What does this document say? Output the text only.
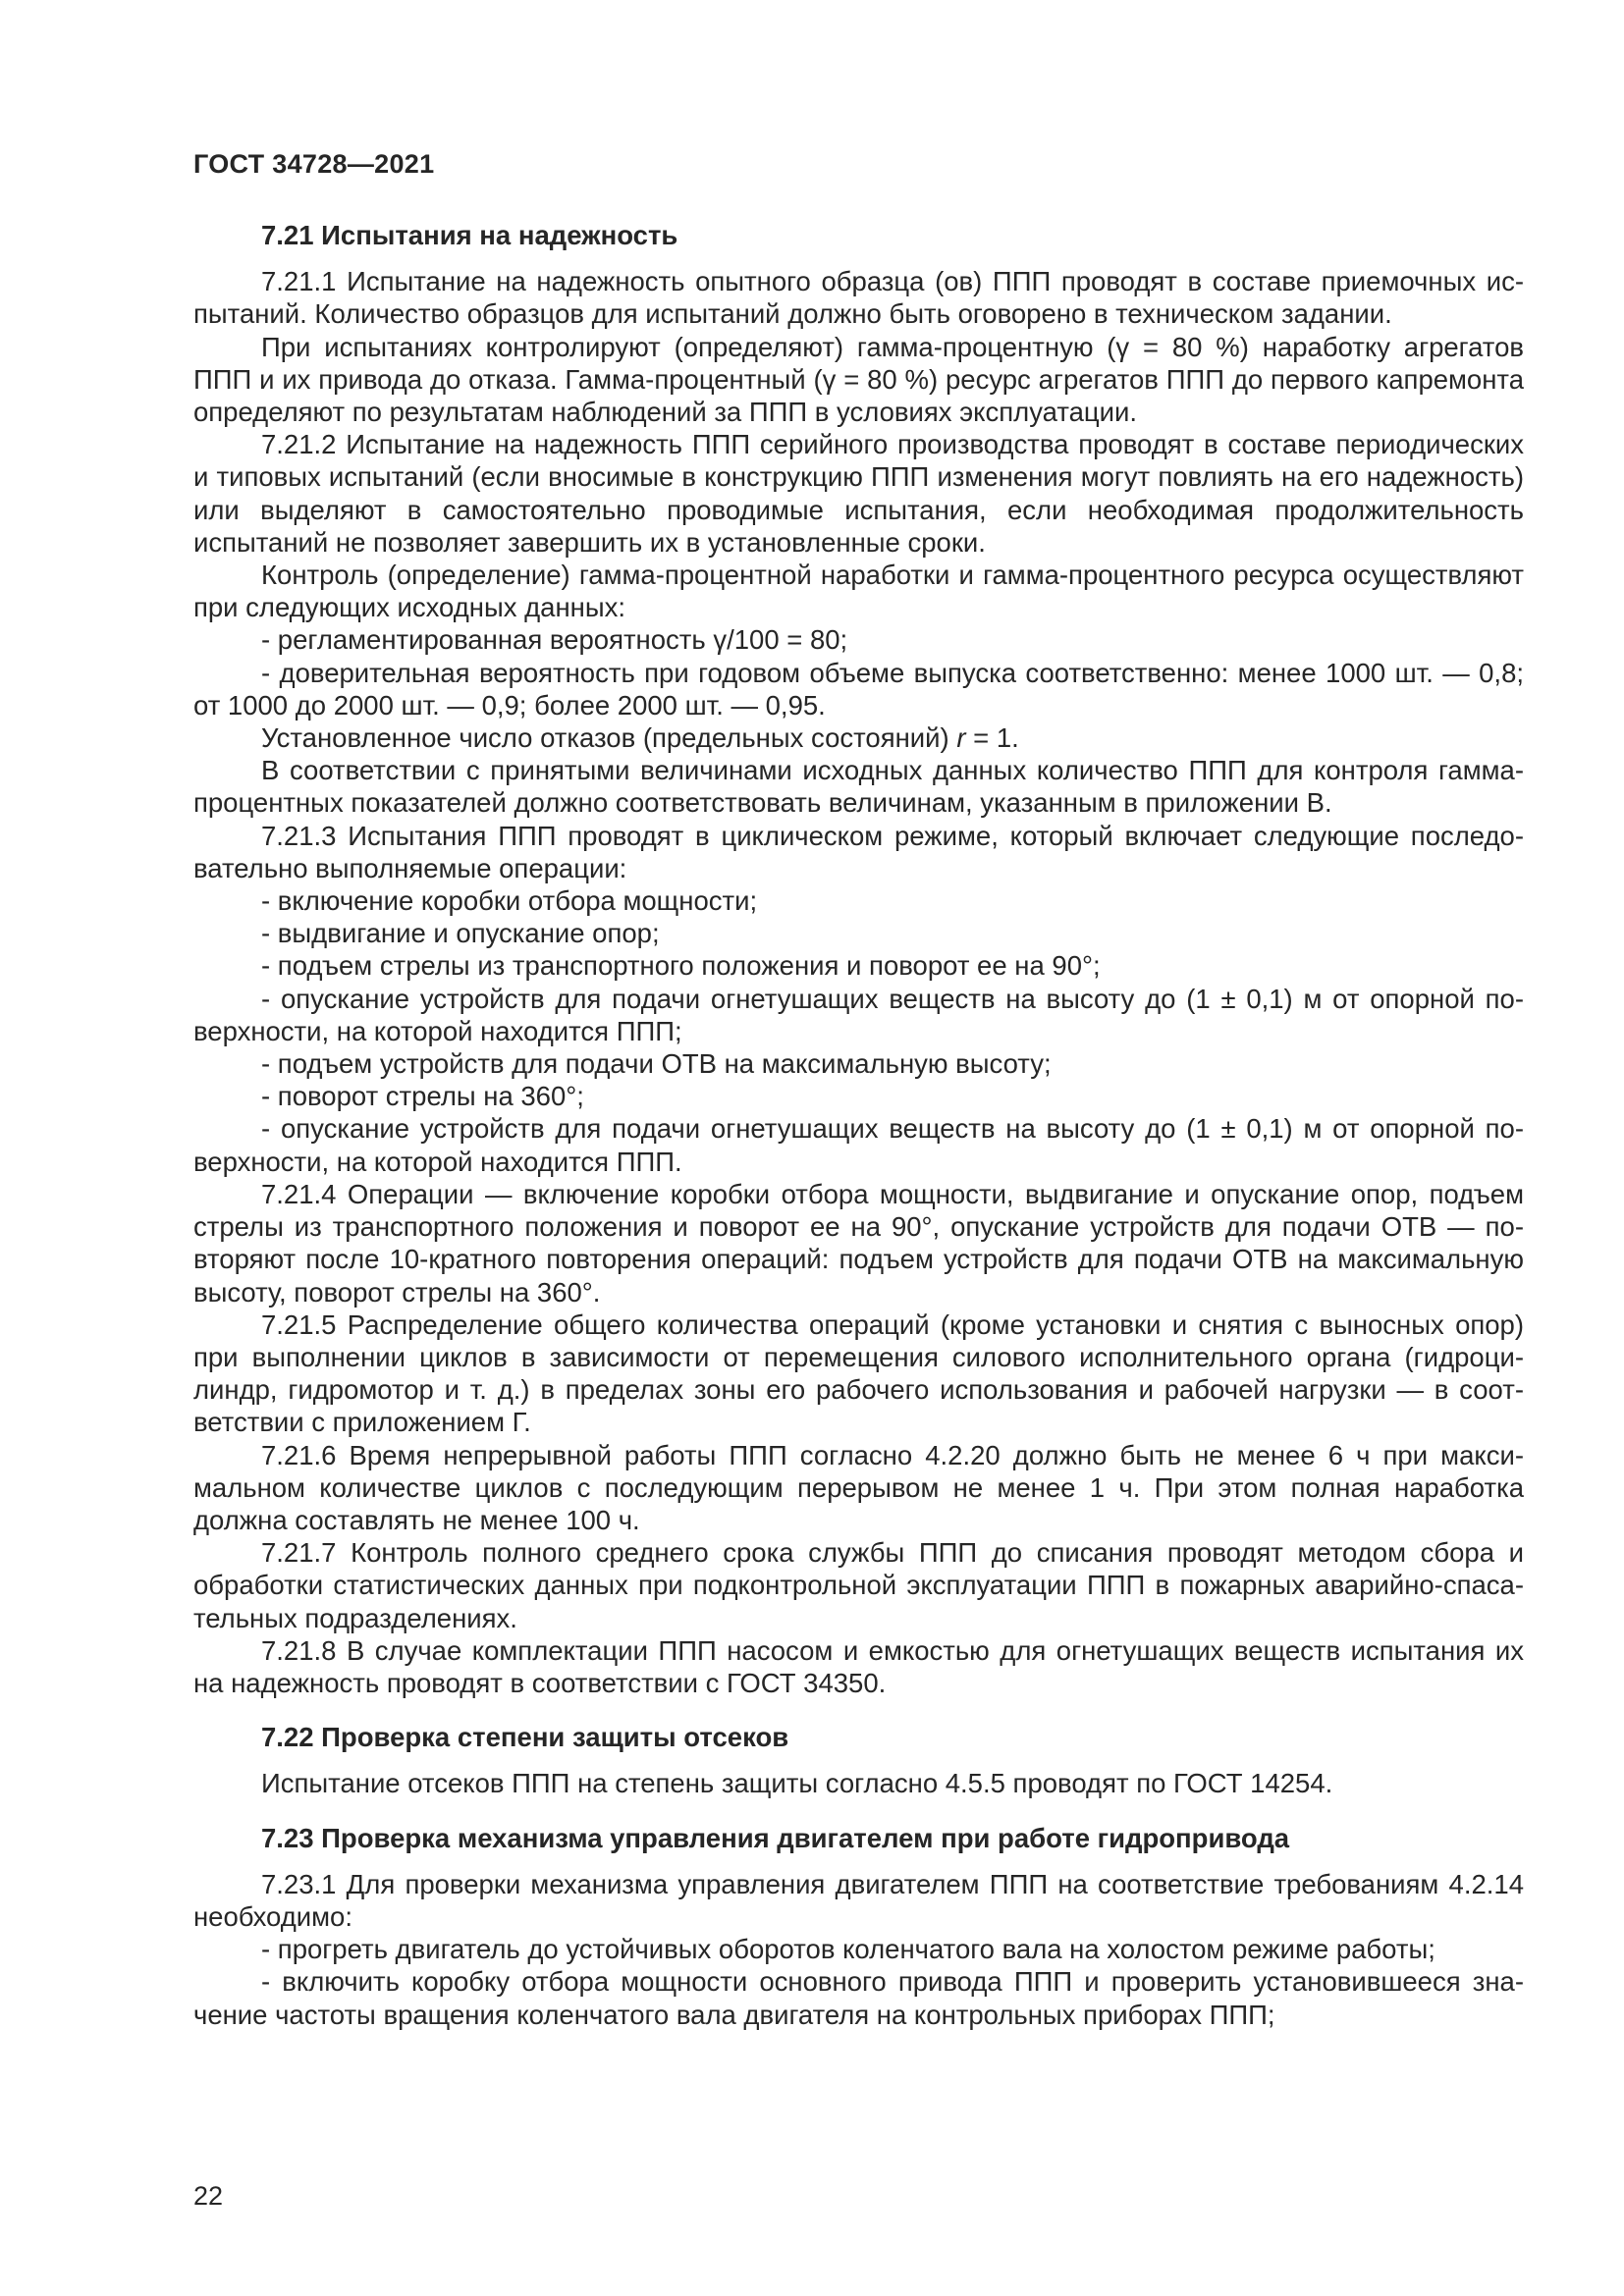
ГОСТ 34728—2021
7.21 Испытания на надежность

7.21.1 Испытание на надежность опытного образца (ов) ППП проводят в составе приемочных испытаний. Количество образцов для испытаний должно быть оговорено в техническом задании.

При испытаниях контролируют (определяют) гамма-процентную (γ = 80 %) наработку агрегатов ППП и их привода до отказа. Гамма-процентный (γ = 80 %) ресурс агрегатов ППП до первого капремонта определяют по результатам наблюдений за ППП в условиях эксплуатации.

7.21.2 Испытание на надежность ППП серийного производства проводят в составе периодических и типовых испытаний (если вносимые в конструкцию ППП изменения могут повлиять на его надежность) или выделяют в самостоятельно проводимые испытания, если необходимая продолжительность испытаний не позволяет завершить их в установленные сроки.

Контроль (определение) гамма-процентной наработки и гамма-процентного ресурса осуществляют при следующих исходных данных:

- регламентированная вероятность γ/100 = 80;
- доверительная вероятность при годовом объеме выпуска соответственно: менее 1000 шт. — 0,8; от 1000 до 2000 шт. — 0,9; более 2000 шт. — 0,95.

Установленное число отказов (предельных состояний) r = 1.

В соответствии с принятыми величинами исходных данных количество ППП для контроля гамма-процентных показателей должно соответствовать величинам, указанным в приложении В.

7.21.3 Испытания ППП проводят в циклическом режиме, который включает следующие последовательно выполняемые операции:

- включение коробки отбора мощности;
- выдвигание и опускание опор;
- подъем стрелы из транспортного положения и поворот ее на 90°;
- опускание устройств для подачи огнетушащих веществ на высоту до (1 ± 0,1) м от опорной поверхности, на которой находится ППП;
- подъем устройств для подачи ОТВ на максимальную высоту;
- поворот стрелы на 360°;
- опускание устройств для подачи огнетушащих веществ на высоту до (1 ± 0,1) м от опорной поверхности, на которой находится ППП.

7.21.4 Операции — включение коробки отбора мощности, выдвигание и опускание опор, подъем стрелы из транспортного положения и поворот ее на 90°, опускание устройств для подачи ОТВ — повторяют после 10-кратного повторения операций: подъем устройств для подачи ОТВ на максимальную высоту, поворот стрелы на 360°.

7.21.5 Распределение общего количества операций (кроме установки и снятия с выносных опор) при выполнении циклов в зависимости от перемещения силового исполнительного органа (гидроцилиндр, гидромотор и т. д.) в пределах зоны его рабочего использования и рабочей нагрузки — в соответствии с приложением Г.

7.21.6 Время непрерывной работы ППП согласно 4.2.20 должно быть не менее 6 ч при максимальном количестве циклов с последующим перерывом не менее 1 ч. При этом полная наработка должна составлять не менее 100 ч.

7.21.7 Контроль полного среднего срока службы ППП до списания проводят методом сбора и обработки статистических данных при подконтрольной эксплуатации ППП в пожарных аварийно-спасательных подразделениях.

7.21.8 В случае комплектации ППП насосом и емкостью для огнетушащих веществ испытания их на надежность проводят в соответствии с ГОСТ 34350.

7.22 Проверка степени защиты отсеков

Испытание отсеков ППП на степень защиты согласно 4.5.5 проводят по ГОСТ 14254.

7.23 Проверка механизма управления двигателем при работе гидропривода

7.23.1 Для проверки механизма управления двигателем ППП на соответствие требованиям 4.2.14 необходимо:

- прогреть двигатель до устойчивых оборотов коленчатого вала на холостом режиме работы;
- включить коробку отбора мощности основного привода ППП и проверить установившееся значение частоты вращения коленчатого вала двигателя на контрольных приборах ППП;
22
